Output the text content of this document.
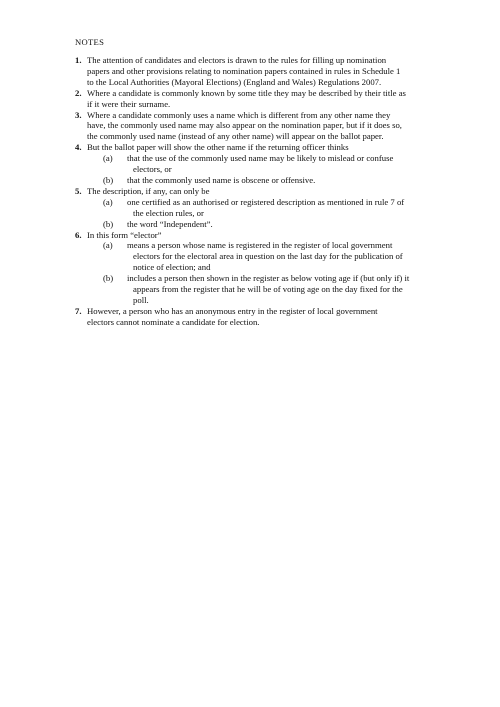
NOTES
1. The attention of candidates and electors is drawn to the rules for filling up nomination
papers and other provisions relating to nomination papers contained in rules in Schedule 1
to the Local Authorities (Mayoral Elections) (England and Wales) Regulations 2007.
2. Where a candidate is commonly known by some title they may be described by their title as
if it were their surname.
3. Where a candidate commonly uses a name which is different from any other name they
have, the commonly used name may also appear on the nomination paper, but if it does so,
the commonly used name (instead of any other name) will appear on the ballot paper.
4. But the ballot paper will show the other name if the returning officer thinks
(a)	that the use of the commonly used name may be likely to mislead or confuse
electors, or
(b)	that the commonly used name is obscene or offensive.
5. The description, if any, can only be
(a)	one certified as an authorised or registered description as mentioned in rule 7 of
the election rules, or
(b)	the word “Independent”.
6. In this form “elector”
(a)	means a person whose name is registered in the register of local government
electors for the electoral area in question on the last day for the publication of
notice of election; and
(b)	includes a person then shown in the register as below voting age if (but only if) it
appears from the register that he will be of voting age on the day fixed for the
poll.
7. However, a person who has an anonymous entry in the register of local government
electors cannot nominate a candidate for election.
